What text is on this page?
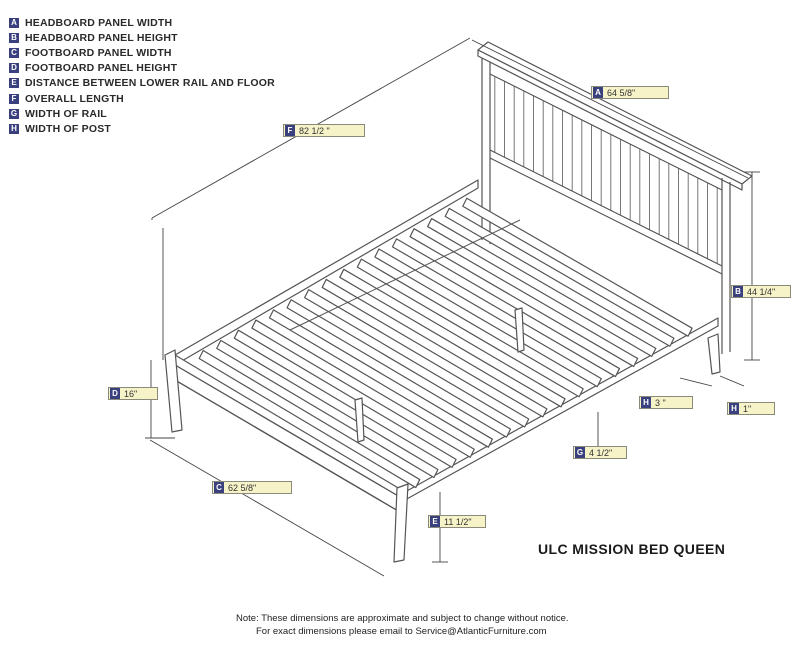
A HEADBOARD PANEL WIDTH
B HEADBOARD PANEL HEIGHT
C FOOTBOARD PANEL WIDTH
D FOOTBOARD PANEL HEIGHT
E DISTANCE BETWEEN LOWER RAIL AND FLOOR
F OVERALL LENGTH
G WIDTH OF RAIL
H WIDTH OF POST
A 64 5/8"
B 44 1/4"
C 62 5/8"
D 16"
E 11 1/2"
F 82 1/2 "
G 4 1/2"
H 3 "
H 1"
ULC MISSION BED QUEEN
Note: These dimensions are approximate and subject to change without notice.
For exact dimensions please email to Service@AtlanticFurniture.com
